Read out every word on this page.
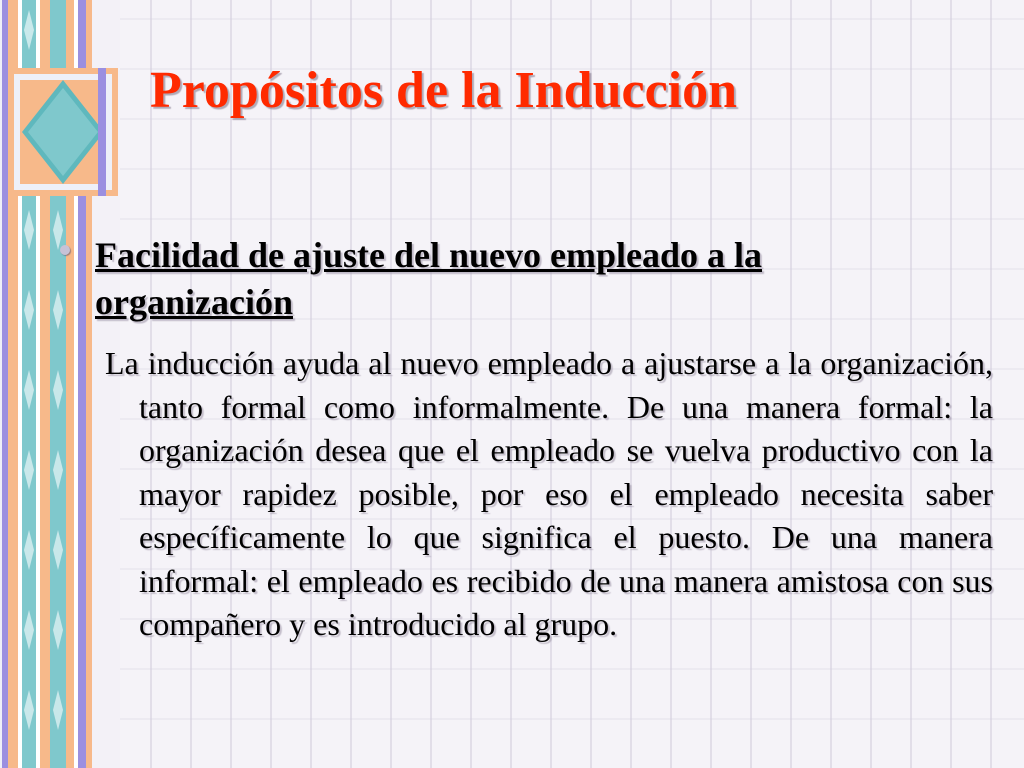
Propósitos de la Inducción
Facilidad de ajuste del nuevo empleado a la organización

La inducción ayuda al nuevo empleado a ajustarse a la organización, tanto formal como informalmente. De una manera formal: la organización desea que el empleado se vuelva productivo con la mayor rapidez posible, por eso el empleado necesita saber específicamente lo que significa el puesto. De una manera informal: el empleado es recibido de una manera amistosa con sus compañero y es introducido al grupo.
